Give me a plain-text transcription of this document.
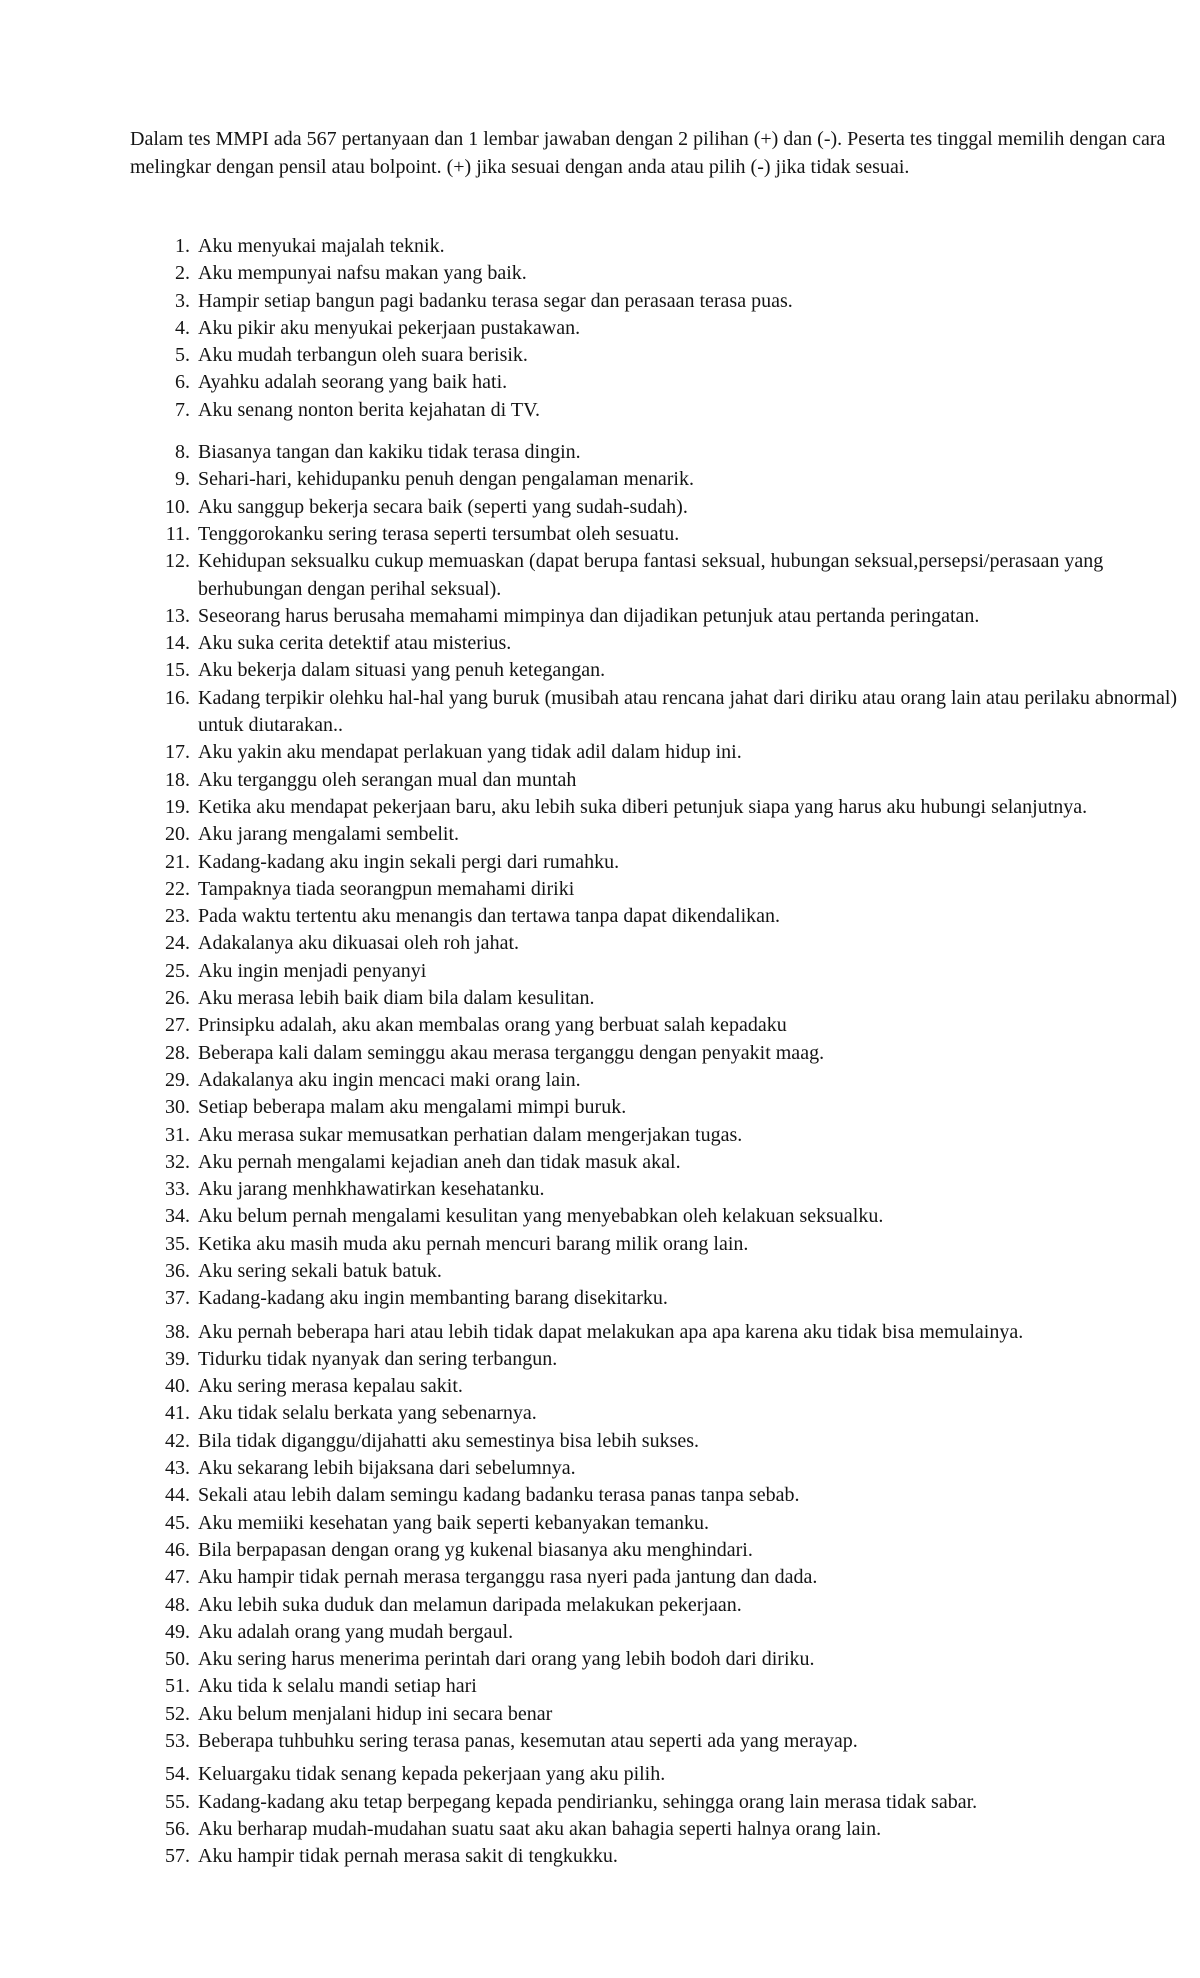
Dalam tes MMPI ada 567 pertanyaan dan 1 lembar jawaban dengan 2 pilihan (+) dan (-). Peserta tes tinggal memilih dengan cara melingkar dengan pensil atau bolpoint. (+) jika sesuai dengan anda atau pilih (-) jika tidak sesuai.

1. Aku menyukai majalah teknik.
2. Aku mempunyai nafsu makan yang baik.
3. Hampir setiap bangun pagi badanku terasa segar dan perasaan terasa puas.
4. Aku pikir aku menyukai pekerjaan pustakawan.
5. Aku mudah terbangun oleh suara berisik.
6. Ayahku adalah seorang yang baik hati.
7. Aku senang nonton berita kejahatan di TV.
8. Biasanya tangan dan kakiku tidak terasa dingin.
9. Sehari-hari, kehidupanku penuh dengan pengalaman menarik.
10. Aku sanggup bekerja secara baik (seperti yang sudah-sudah).
11. Tenggorokanku sering terasa seperti tersumbat oleh sesuatu.
12. Kehidupan seksualku cukup memuaskan (dapat berupa fantasi seksual, hubungan seksual,persepsi/perasaan yang berhubungan dengan perihal seksual).
13. Seseorang harus berusaha memahami mimpinya dan dijadikan petunjuk atau pertanda peringatan.
14. Aku suka cerita detektif atau misterius.
15. Aku bekerja dalam situasi yang penuh ketegangan.
16. Kadang terpikir olehku hal-hal yang buruk (musibah atau rencana jahat dari diriku atau orang lain atau perilaku abnormal) untuk diutarakan..
17. Aku yakin aku mendapat perlakuan yang tidak adil dalam hidup ini.
18. Aku terganggu oleh serangan mual dan muntah
19. Ketika aku mendapat pekerjaan baru, aku lebih suka diberi petunjuk siapa yang harus aku hubungi selanjutnya.
20. Aku jarang mengalami sembelit.
21. Kadang-kadang aku ingin sekali pergi dari rumahku.
22. Tampaknya tiada seorangpun memahami diriki
23. Pada waktu tertentu aku menangis dan tertawa tanpa dapat dikendalikan.
24. Adakalanya aku dikuasai oleh roh jahat.
25. Aku ingin menjadi penyanyi
26. Aku merasa lebih baik diam bila dalam kesulitan.
27. Prinsipku adalah, aku akan membalas orang yang berbuat salah kepadaku
28. Beberapa kali dalam seminggu akau merasa terganggu dengan penyakit maag.
29. Adakalanya aku ingin mencaci maki orang lain.
30. Setiap beberapa malam aku mengalami mimpi buruk.
31. Aku merasa sukar memusatkan perhatian dalam mengerjakan tugas.
32. Aku pernah mengalami kejadian aneh dan tidak masuk akal.
33. Aku jarang menhkhawatirkan kesehatanku.
34. Aku belum pernah mengalami kesulitan yang menyebabkan oleh kelakuan seksualku.
35. Ketika aku masih muda aku pernah mencuri barang milik orang lain.
36. Aku sering sekali batuk batuk.
37. Kadang-kadang aku ingin membanting barang disekitarku.
38. Aku pernah beberapa hari atau lebih tidak dapat melakukan apa apa karena aku tidak bisa memulainya.
39. Tidurku tidak nyanyak dan sering terbangun.
40. Aku sering merasa kepalau sakit.
41. Aku tidak selalu berkata yang sebenarnya.
42. Bila tidak diganggu/dijahatti aku semestinya bisa lebih sukses.
43. Aku sekarang lebih bijaksana dari sebelumnya.
44. Sekali atau lebih dalam semingu kadang badanku terasa panas tanpa sebab.
45. Aku memiiki kesehatan yang baik seperti kebanyakan temanku.
46. Bila berpapasan dengan orang yg kukenal biasanya aku menghindari.
47. Aku hampir tidak pernah merasa terganggu rasa nyeri pada jantung dan dada.
48. Aku lebih suka duduk dan melamun daripada melakukan pekerjaan.
49. Aku adalah orang yang mudah bergaul.
50. Aku sering harus menerima perintah dari orang yang lebih bodoh dari diriku.
51. Aku tida k selalu mandi setiap hari
52. Aku belum menjalani hidup ini secara benar
53. Beberapa tuhbuhku sering terasa panas, kesemutan atau seperti ada yang merayap.
54. Keluargaku tidak senang kepada pekerjaan yang aku pilih.
55. Kadang-kadang aku tetap berpegang kepada pendirianku, sehingga orang lain merasa tidak sabar.
56. Aku berharap mudah-mudahan suatu saat aku akan bahagia seperti halnya orang lain.
57. Aku hampir tidak pernah merasa sakit di tengkukku.
